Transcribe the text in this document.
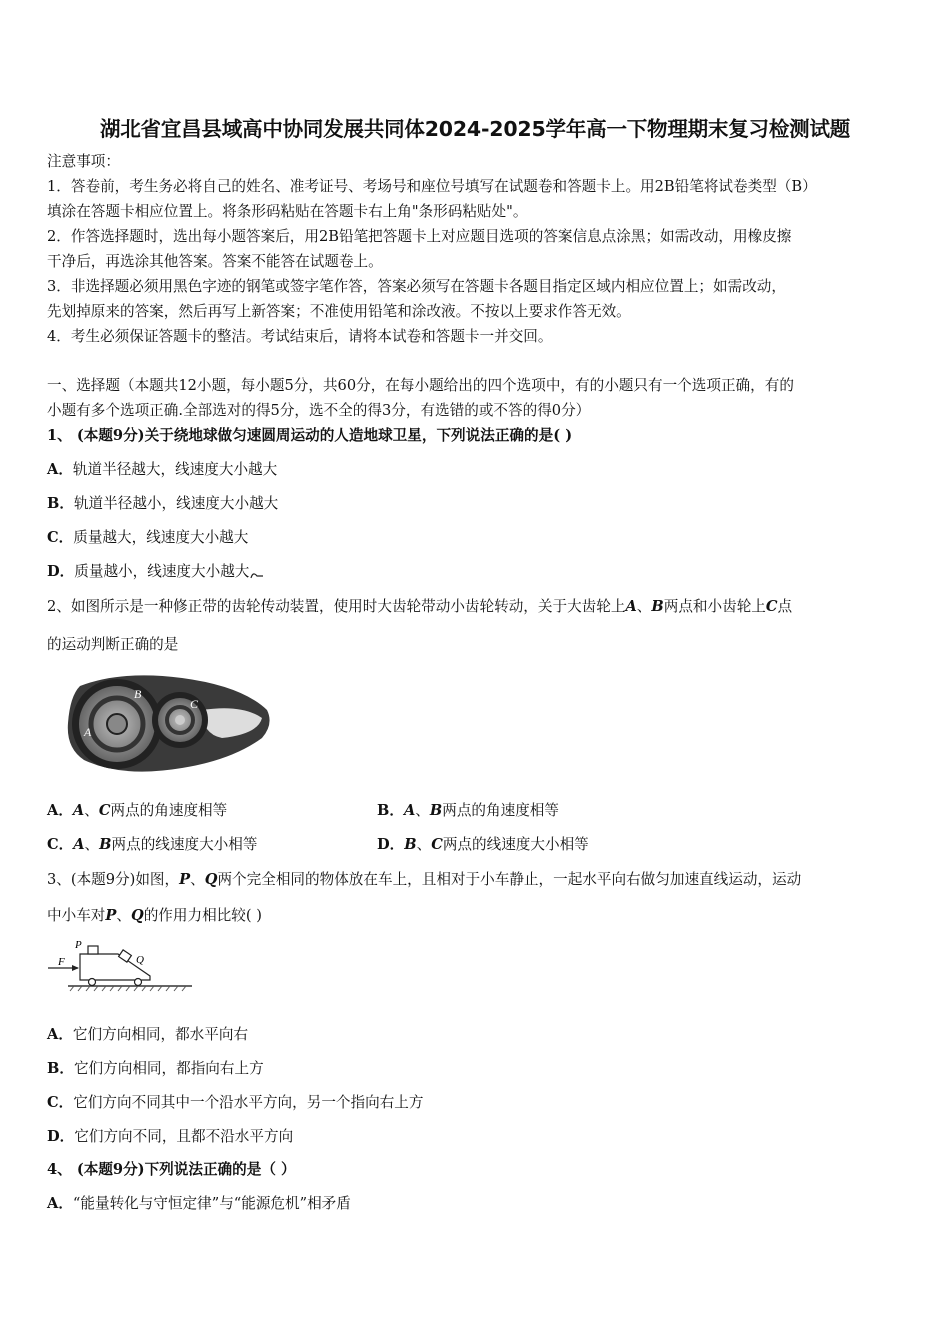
湖北省宜昌县域高中协同发展共同体2024-2025学年高一下物理期末复习检测试题
注意事项：
1．答卷前，考生务必将自己的姓名、准考证号、考场号和座位号填写在试题卷和答题卡上。用2B铅笔将试卷类型（B）
填涂在答题卡相应位置上。将条形码粘贴在答题卡右上角"条形码粘贴处"。
2．作答选择题时，选出每小题答案后，用2B铅笔把答题卡上对应题目选项的答案信息点涂黑；如需改动，用橡皮擦
干净后，再选涂其他答案。答案不能答在试题卷上。
3．非选择题必须用黑色字迹的钢笔或签字笔作答，答案必须写在答题卡各题目指定区域内相应位置上；如需改动，
先划掉原来的答案，然后再写上新答案；不准使用铅笔和涂改液。不按以上要求作答无效。
4．考生必须保证答题卡的整洁。考试结束后，请将本试卷和答题卡一并交回。
一、选择题（本题共12小题，每小题5分，共60分，在每小题给出的四个选项中，有的小题只有一个选项正确，有的
小题有多个选项正确.全部选对的得5分，选不全的得3分，有选错的或不答的得0分）
1、 (本题9分)关于绕地球做匀速圆周运动的人造地球卫星，下列说法正确的是( )
A．轨道半径越大，线速度大小越大
B．轨道半径越小，线速度大小越大
C．质量越大，线速度大小越大
D．质量越小，线速度大小越大
2、如图所示是一种修正带的齿轮传动装置，使用时大齿轮带动小齿轮转动，关于大齿轮上A、B两点和小齿轮上C点
的运动判断正确的是
A
B
C
A．A、C两点的角速度相等	B．A、B两点的角速度相等
C．A、B两点的线速度大小相等	D．B、C两点的线速度大小相等
3、(本题9分)如图，P、Q两个完全相同的物体放在车上，且相对于小车静止，一起水平向右做匀加速直线运动，运动
中小车对P、Q的作用力相比较( )
P
Q
F
A．它们方向相同，都水平向右
B．它们方向相同，都指向右上方
C．它们方向不同其中一个沿水平方向，另一个指向右上方
D．它们方向不同，且都不沿水平方向
4、 (本题9分)下列说法正确的是（ ）
A．“能量转化与守恒定律”与“能源危机”相矛盾
